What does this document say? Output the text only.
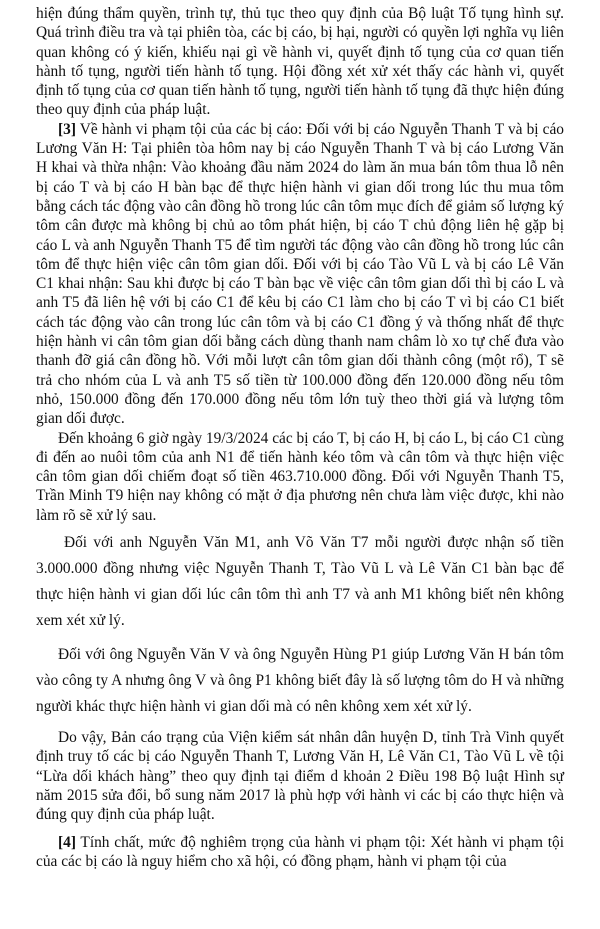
hiện đúng thẩm quyền, trình tự, thủ tục theo quy định của Bộ luật Tố tụng hình sự. Quá trình điều tra và tại phiên tòa, các bị cáo, bị hại, người có quyền lợi nghĩa vụ liên quan không có ý kiến, khiếu nại gì về hành vi, quyết định tố tụng của cơ quan tiến hành tố tụng, người tiến hành tố tụng. Hội đồng xét xử xét thấy các hành vi, quyết định tố tụng của cơ quan tiến hành tố tụng, người tiến hành tố tụng đã thực hiện đúng theo quy định của pháp luật.

[3] Về hành vi phạm tội của các bị cáo: Đối với bị cáo Nguyễn Thanh T và bị cáo Lương Văn H: Tại phiên tòa hôm nay bị cáo Nguyễn Thanh T và bị cáo Lương Văn H khai và thừa nhận: Vào khoảng đầu năm 2024 do làm ăn mua bán tôm thua lỗ nên bị cáo T và bị cáo H bàn bạc để thực hiện hành vi gian dối trong lúc thu mua tôm bằng cách tác động vào cân đồng hồ trong lúc cân tôm mục đích để giảm số lượng ký tôm cân được mà không bị chủ ao tôm phát hiện, bị cáo T chủ động liên hệ gặp bị cáo L và anh Nguyễn Thanh T5 để tìm người tác động vào cân đồng hồ trong lúc cân tôm để thực hiện việc cân tôm gian dối. Đối với bị cáo Tào Vũ L và bị cáo Lê Văn C1 khai nhận: Sau khi được bị cáo T bàn bạc về việc cân tôm gian dối thì bị cáo L và anh T5 đã liên hệ với bị cáo C1 để kêu bị cáo C1 làm cho bị cáo T vì bị cáo C1 biết cách tác động vào cân trong lúc cân tôm và bị cáo C1 đồng ý và thống nhất để thực hiện hành vi cân tôm gian dối bằng cách dùng thanh nam châm lò xo tự chế đưa vào thanh đỡ giá cân đồng hồ. Với mỗi lượt cân tôm gian dối thành công (một rổ), T sẽ trả cho nhóm của L và anh T5 số tiền từ 100.000 đồng đến 120.000 đồng nếu tôm nhỏ, 150.000 đồng đến 170.000 đồng nếu tôm lớn tuỳ theo thời giá và lượng tôm gian dối được.

Đến khoảng 6 giờ ngày 19/3/2024 các bị cáo T, bị cáo H, bị cáo L, bị cáo C1 cùng đi đến ao nuôi tôm của anh N1 để tiến hành kéo tôm và cân tôm và thực hiện việc cân tôm gian dối chiếm đoạt số tiền 463.710.000 đồng. Đối với Nguyễn Thanh T5, Trần Minh T9 hiện nay không có mặt ở địa phương nên chưa làm việc được, khi nào làm rõ sẽ xử lý sau.

Đối với anh Nguyễn Văn M1, anh Võ Văn T7 mỗi người được nhận số tiền 3.000.000 đồng nhưng việc Nguyễn Thanh T, Tào Vũ L và Lê Văn C1 bàn bạc để thực hiện hành vi gian dối lúc cân tôm thì anh T7 và anh M1 không biết nên không xem xét xử lý.

Đối với ông Nguyễn Văn V và ông Nguyễn Hùng P1 giúp Lương Văn H bán tôm vào công ty A nhưng ông V và ông P1 không biết đây là số lượng tôm do H và những người khác thực hiện hành vi gian dối mà có nên không xem xét xử lý.

Do vậy, Bản cáo trạng của Viện kiểm sát nhân dân huyện D, tỉnh Trà Vinh quyết định truy tố các bị cáo Nguyễn Thanh T, Lương Văn H, Lê Văn C1, Tào Vũ L về tội “Lừa dối khách hàng” theo quy định tại điểm d khoản 2 Điều 198 Bộ luật Hình sự năm 2015 sửa đổi, bổ sung năm 2017 là phù hợp với hành vi các bị cáo thực hiện và đúng quy định của pháp luật.

[4] Tính chất, mức độ nghiêm trọng của hành vi phạm tội: Xét hành vi phạm tội của các bị cáo là nguy hiểm cho xã hội, có đồng phạm, hành vi phạm tội của
